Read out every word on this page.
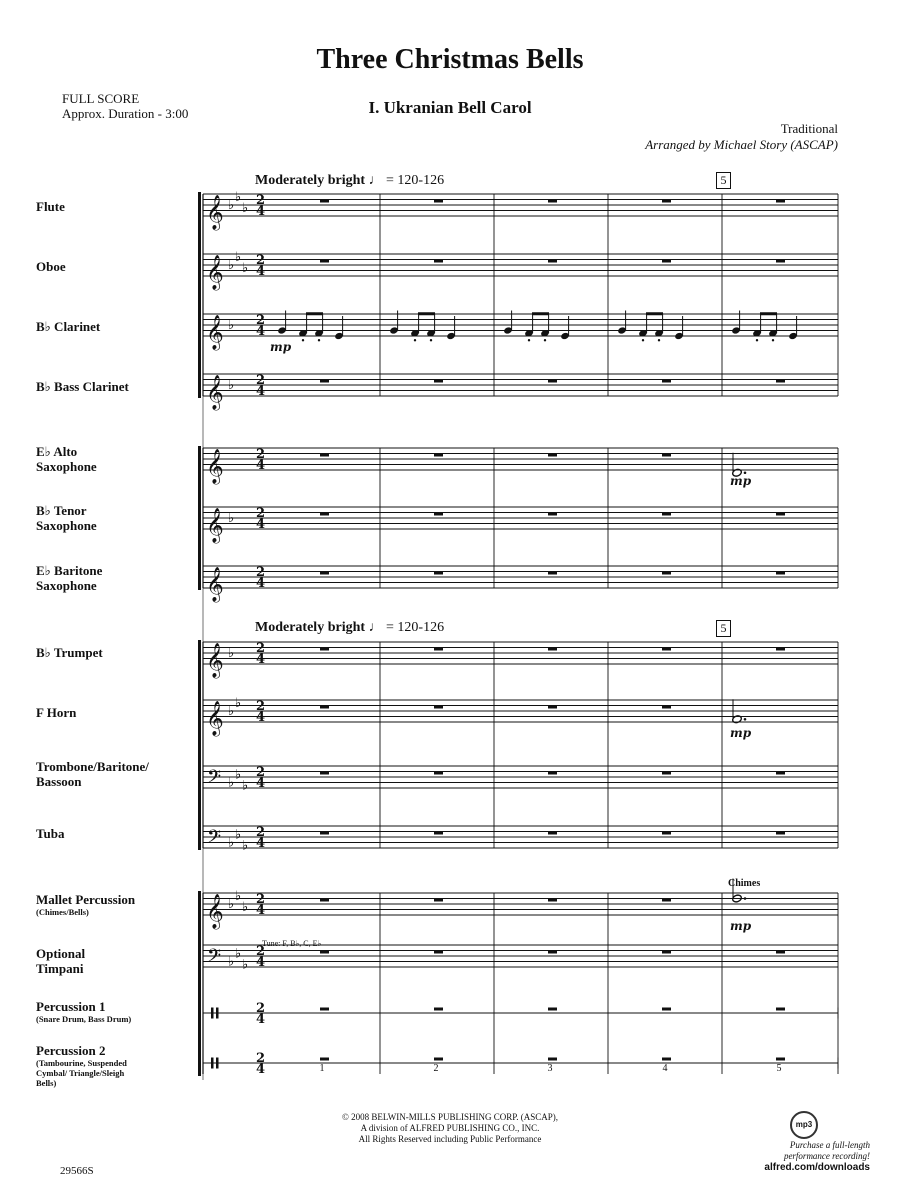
Three Christmas Bells
I. Ukranian Bell Carol
FULL SCORE
Approx. Duration - 3:00
Traditional
Arranged by Michael Story (ASCAP)
Moderately bright ♩ = 120-126	5
Moderately bright ♩ = 120-126	5
Flute
Oboe
B♭ Clarinet
B♭ Bass Clarinet
E♭ Alto Saxophone
B♭ Tenor Saxophone
E♭ Baritone Saxophone
B♭ Trumpet
F Horn
Trombone/Baritone/ Bassoon
Tuba
Mallet Percussion
(Chimes/Bells)
Optional Timpani
Percussion 1
(Snare Drum, Bass Drum)
Percussion 2
(Tambourine, Suspended Cymbal/ Triangle/Sleigh Bells)
Tune: F, B♭, C, E♭
Chimes
𝄞 ♭
♭
♭
2
4
𝄞 ♭
♭
♭
2
4
𝄞 ♭ 2
4
𝄞 ♭ 2
4
𝄞 2
4
𝄞 ♭ 2
4
𝄞 2
4
𝄞 ♭ 2
4
𝄞 ♭
♭ 2
4
𝄢 ♭
♭
♭
2
4
𝄢 ♭
♭
♭
2
4
𝄞 ♭
♭
♭
2
4
𝄢 ♭
♭
♭
2
4
2
4
2
4
mp
mp
mp
mp
1	2	3	4	5
© 2008 BELWIN-MILLS PUBLISHING CORP. (ASCAP),
A division of ALFRED PUBLISHING CO., INC.
All Rights Reserved including Public Performance
29566S
mp3
Purchase a full-length
performance recording!
alfred.com/downloads
